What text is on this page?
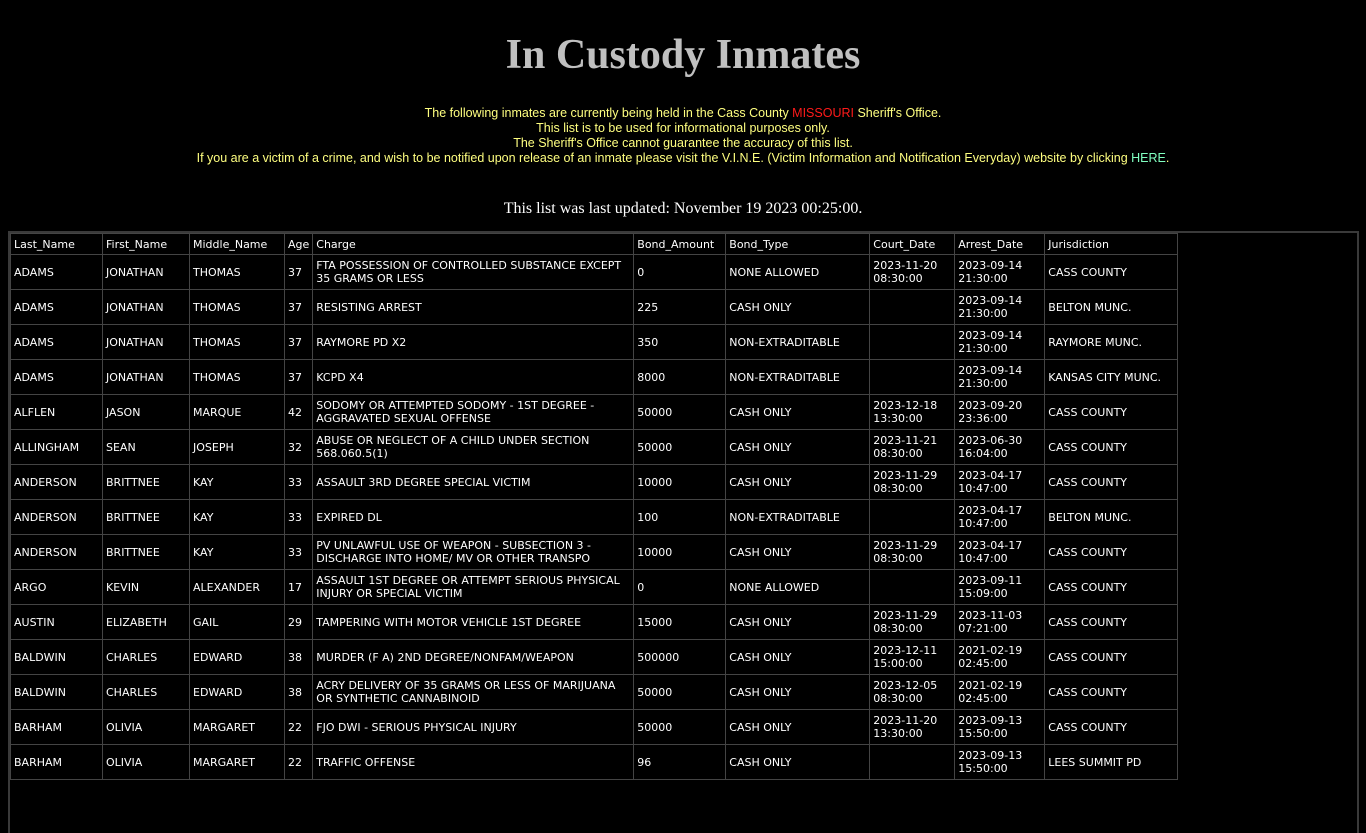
In Custody Inmates
The following inmates are currently being held in the Cass County MISSOURI Sheriff's Office.
This list is to be used for informational purposes only.
The Sheriff's Office cannot guarantee the accuracy of this list.
If you are a victim of a crime, and wish to be notified upon release of an inmate please visit the V.I.N.E. (Victim Information and Notification Everyday) website by clicking HERE.
This list was last updated: November 19 2023 00:25:00.
Last_Name	First_Name	Middle_Name	Age	Charge	Bond_Amount	Bond_Type	Court_Date	Arrest_Date	Jurisdiction
ADAMS	JONATHAN	THOMAS	37	FTA POSSESSION OF CONTROLLED SUBSTANCE EXCEPT 35 GRAMS OR LESS	0	NONE ALLOWED	2023-11-20 08:30:00	2023-09-14 21:30:00	CASS COUNTY
ADAMS	JONATHAN	THOMAS	37	RESISTING ARREST	225	CASH ONLY		2023-09-14 21:30:00	BELTON MUNC.
ADAMS	JONATHAN	THOMAS	37	RAYMORE PD X2	350	NON-EXTRADITABLE		2023-09-14 21:30:00	RAYMORE MUNC.
ADAMS	JONATHAN	THOMAS	37	KCPD X4	8000	NON-EXTRADITABLE		2023-09-14 21:30:00	KANSAS CITY MUNC.
ALFLEN	JASON	MARQUE	42	SODOMY OR ATTEMPTED SODOMY - 1ST DEGREE - AGGRAVATED SEXUAL OFFENSE	50000	CASH ONLY	2023-12-18 13:30:00	2023-09-20 23:36:00	CASS COUNTY
ALLINGHAM	SEAN	JOSEPH	32	ABUSE OR NEGLECT OF A CHILD UNDER SECTION 568.060.5(1)	50000	CASH ONLY	2023-11-21 08:30:00	2023-06-30 16:04:00	CASS COUNTY
ANDERSON	BRITTNEE	KAY	33	ASSAULT 3RD DEGREE SPECIAL VICTIM	10000	CASH ONLY	2023-11-29 08:30:00	2023-04-17 10:47:00	CASS COUNTY
ANDERSON	BRITTNEE	KAY	33	EXPIRED DL	100	NON-EXTRADITABLE		2023-04-17 10:47:00	BELTON MUNC.
ANDERSON	BRITTNEE	KAY	33	PV UNLAWFUL USE OF WEAPON - SUBSECTION 3 - DISCHARGE INTO HOME/ MV OR OTHER TRANSPO	10000	CASH ONLY	2023-11-29 08:30:00	2023-04-17 10:47:00	CASS COUNTY
ARGO	KEVIN	ALEXANDER	17	ASSAULT 1ST DEGREE OR ATTEMPT SERIOUS PHYSICAL INJURY OR SPECIAL VICTIM	0	NONE ALLOWED		2023-09-11 15:09:00	CASS COUNTY
AUSTIN	ELIZABETH	GAIL	29	TAMPERING WITH MOTOR VEHICLE 1ST DEGREE	15000	CASH ONLY	2023-11-29 08:30:00	2023-11-03 07:21:00	CASS COUNTY
BALDWIN	CHARLES	EDWARD	38	MURDER (F A) 2ND DEGREE/NONFAM/WEAPON	500000	CASH ONLY	2023-12-11 15:00:00	2021-02-19 02:45:00	CASS COUNTY
BALDWIN	CHARLES	EDWARD	38	ACRY DELIVERY OF 35 GRAMS OR LESS OF MARIJUANA OR SYNTHETIC CANNABINOID	50000	CASH ONLY	2023-12-05 08:30:00	2021-02-19 02:45:00	CASS COUNTY
BARHAM	OLIVIA	MARGARET	22	FJO DWI - SERIOUS PHYSICAL INJURY	50000	CASH ONLY	2023-11-20 13:30:00	2023-09-13 15:50:00	CASS COUNTY
BARHAM	OLIVIA	MARGARET	22	TRAFFIC OFFENSE	96	CASH ONLY		2023-09-13 15:50:00	LEES SUMMIT PD
